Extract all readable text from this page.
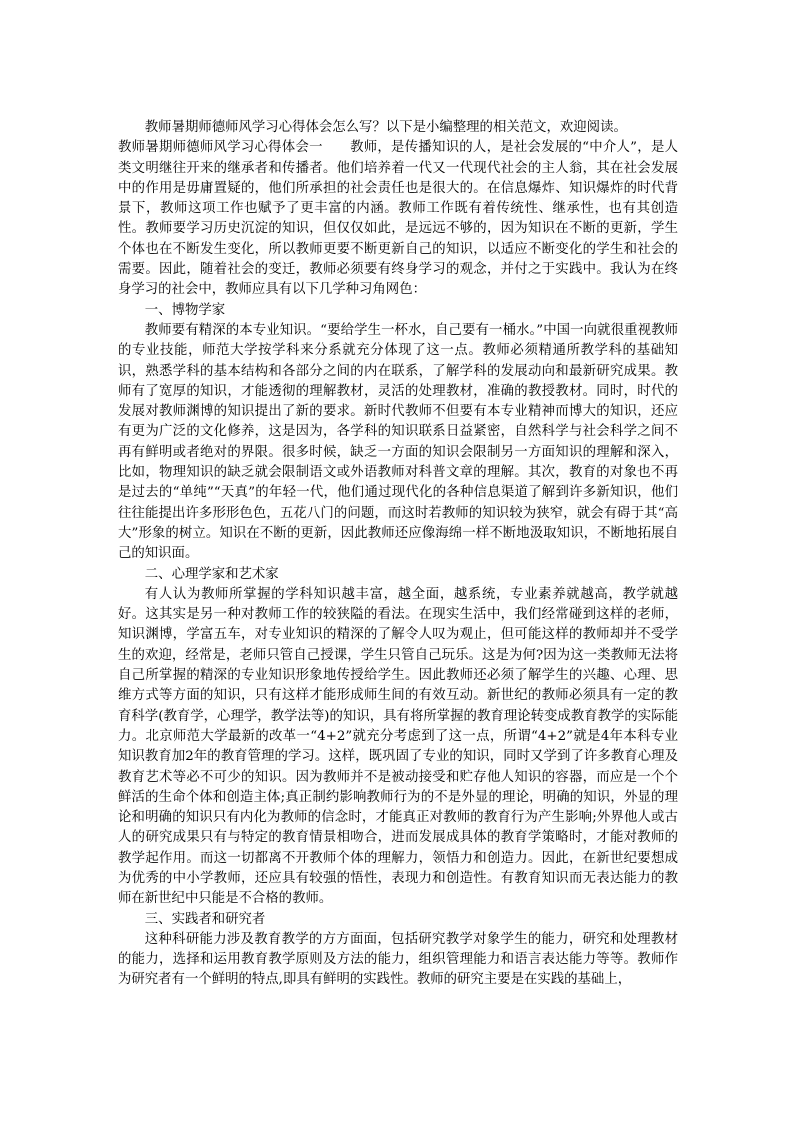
教师暑期师德师风学习心得体会怎么写？以下是小编整理的相关范文，欢迎阅读。

教师暑期师德师风学习心得体会一　　教师，是传播知识的人，是社会发展的“中介人”，是人类文明继往开来的继承者和传播者。他们培养着一代又一代现代社会的主人翁，其在社会发展中的作用是毋庸置疑的，他们所承担的社会责任也是很大的。在信息爆炸、知识爆炸的时代背景下，教师这项工作也赋予了更丰富的内涵。教师工作既有着传统性、继承性，也有其创造性。教师要学习历史沉淀的知识，但仅仅如此，是远远不够的，因为知识在不断的更新，学生个体也在不断发生变化，所以教师更要不断更新自己的知识，以适应不断变化的学生和社会的需要。因此，随着社会的变迁，教师必须要有终身学习的观念，并付之于实践中。我认为在终身学习的社会中，教师应具有以下几学种习角网色：

一、博物学家

教师要有精深的本专业知识。“要给学生一杯水，自己要有一桶水。”中国一向就很重视教师的专业技能，师范大学按学科来分系就充分体现了这一点。教师必须精通所教学科的基础知识，熟悉学科的基本结构和各部分之间的内在联系，了解学科的发展动向和最新研究成果。教师有了宽厚的知识，才能透彻的理解教材，灵活的处理教材，准确的教授教材。同时，时代的发展对教师渊博的知识提出了新的要求。新时代教师不但要有本专业精神而博大的知识，还应有更为广泛的文化修养，这是因为，各学科的知识联系日益紧密，自然科学与社会科学之间不再有鲜明或者绝对的界限。很多时候，缺乏一方面的知识会限制另一方面知识的理解和深入，比如，物理知识的缺乏就会限制语文或外语教师对科普文章的理解。其次，教育的对象也不再是过去的“单纯”“天真”的年轻一代，他们通过现代化的各种信息渠道了解到许多新知识，他们往往能提出许多形形色色，五花八门的问题，而这时若教师的知识较为狭窄，就会有碍于其“高大”形象的树立。知识在不断的更新，因此教师还应像海绵一样不断地汲取知识，不断地拓展自己的知识面。

二、心理学家和艺术家

有人认为教师所掌握的学科知识越丰富，越全面，越系统，专业素养就越高，教学就越好。这其实是另一种对教师工作的较狭隘的看法。在现实生活中，我们经常碰到这样的老师，知识渊博，学富五车，对专业知识的精深的了解令人叹为观止，但可能这样的教师却并不受学生的欢迎，经常是，老师只管自己授课，学生只管自己玩乐。这是为何?因为这一类教师无法将自己所掌握的精深的专业知识形象地传授给学生。因此教师还必须了解学生的兴趣、心理、思维方式等方面的知识，只有这样才能形成师生间的有效互动。新世纪的教师必须具有一定的教育科学(教育学，心理学，教学法等)的知识，具有将所掌握的教育理论转变成教育教学的实际能力。北京师范大学最新的改革一“4+2”就充分考虑到了这一点，所谓“4+2”就是4年本科专业知识教育加2年的教育管理的学习。这样，既巩固了专业的知识，同时又学到了许多教育心理及教育艺术等必不可少的知识。因为教师并不是被动接受和贮存他人知识的容器，而应是一个个鲜活的生命个体和创造主体;真正制约影响教师行为的不是外显的理论，明确的知识，外显的理论和明确的知识只有内化为教师的信念时，才能真正对教师的教育行为产生影响;外界他人或古人的研究成果只有与特定的教育情景相吻合，进而发展成具体的教育学策略时，才能对教师的教学起作用。而这一切都离不开教师个体的理解力，领悟力和创造力。因此，在新世纪要想成为优秀的中小学教师，还应具有较强的悟性，表现力和创造性。有教育知识而无表达能力的教师在新世纪中只能是不合格的教师。

三、实践者和研究者

这种科研能力涉及教育教学的方方面面，包括研究教学对象学生的能力，研究和处理教材的能力，选择和运用教育教学原则及方法的能力，组织管理能力和语言表达能力等等。教师作为研究者有一个鲜明的特点,即具有鲜明的实践性。教师的研究主要是在实践的基础上，
